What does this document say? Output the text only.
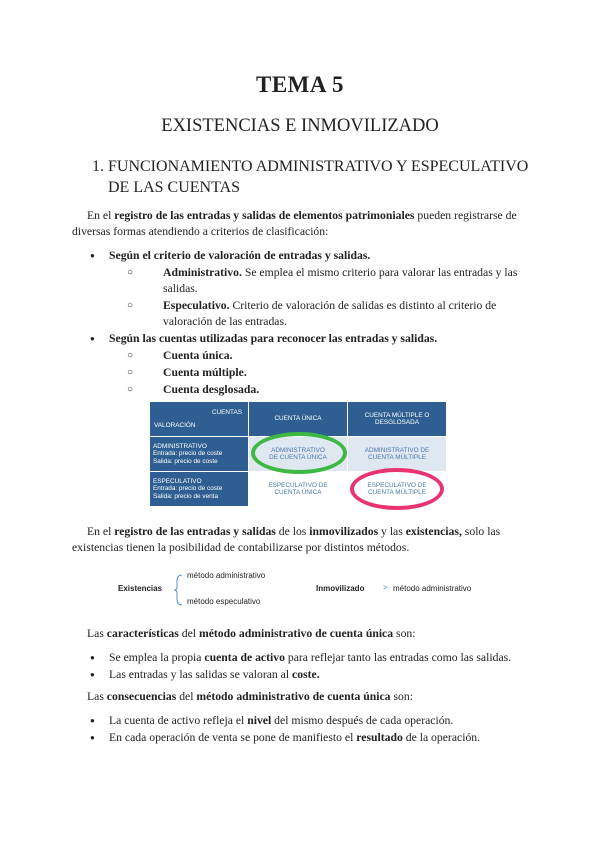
TEMA 5
EXISTENCIAS E INMOVILIZADO
1. FUNCIONAMIENTO ADMINISTRATIVO Y ESPECULATIVO DE LAS CUENTAS

En el registro de las entradas y salidas de elementos patrimoniales pueden registrarse de diversas formas atendiendo a criterios de clasificación:

● Según el criterio de valoración de entradas y salidas.
○ Administrativo. Se emplea el mismo criterio para valorar las entradas y las salidas.
○ Especulativo. Criterio de valoración de salidas es distinto al criterio de valoración de las entradas.
● Según las cuentas utilizadas para reconocer las entradas y salidas.
○ Cuenta única.
○ Cuenta múltiple.
○ Cuenta desglosada.
CUENTAS
VALORACIÓN
CUENTA ÚNICA
CUENTA MÚLTIPLE O DESGLOSADA
ADMINISTRATIVO
Entrada: precio de coste
Salida: precio de coste
ADMINISTRATIVO DE CUENTA ÚNICA
ADMINISTRATIVO DE CUENTA MÚLTIPLE
ESPECULATIVO
Entrada: precio de coste
Salida: precio de venta
ESPECULATIVO DE CUENTA ÚNICA
ESPECULATIVO DE CUENTA MÚLTIPLE

En el registro de las entradas y salidas de los inmovilizados y las existencias, solo las existencias tienen la posibilidad de contabilizarse por distintos métodos.

Existencias
método administrativo
método especulativo
Inmovilizado > método administrativo

Las características del método administrativo de cuenta única son:

● Se emplea la propia cuenta de activo para reflejar tanto las entradas como las salidas.
● Las entradas y las salidas se valoran al coste.

Las consecuencias del método administrativo de cuenta única son:

● La cuenta de activo refleja el nivel del mismo después de cada operación.
● En cada operación de venta se pone de manifiesto el resultado de la operación.
